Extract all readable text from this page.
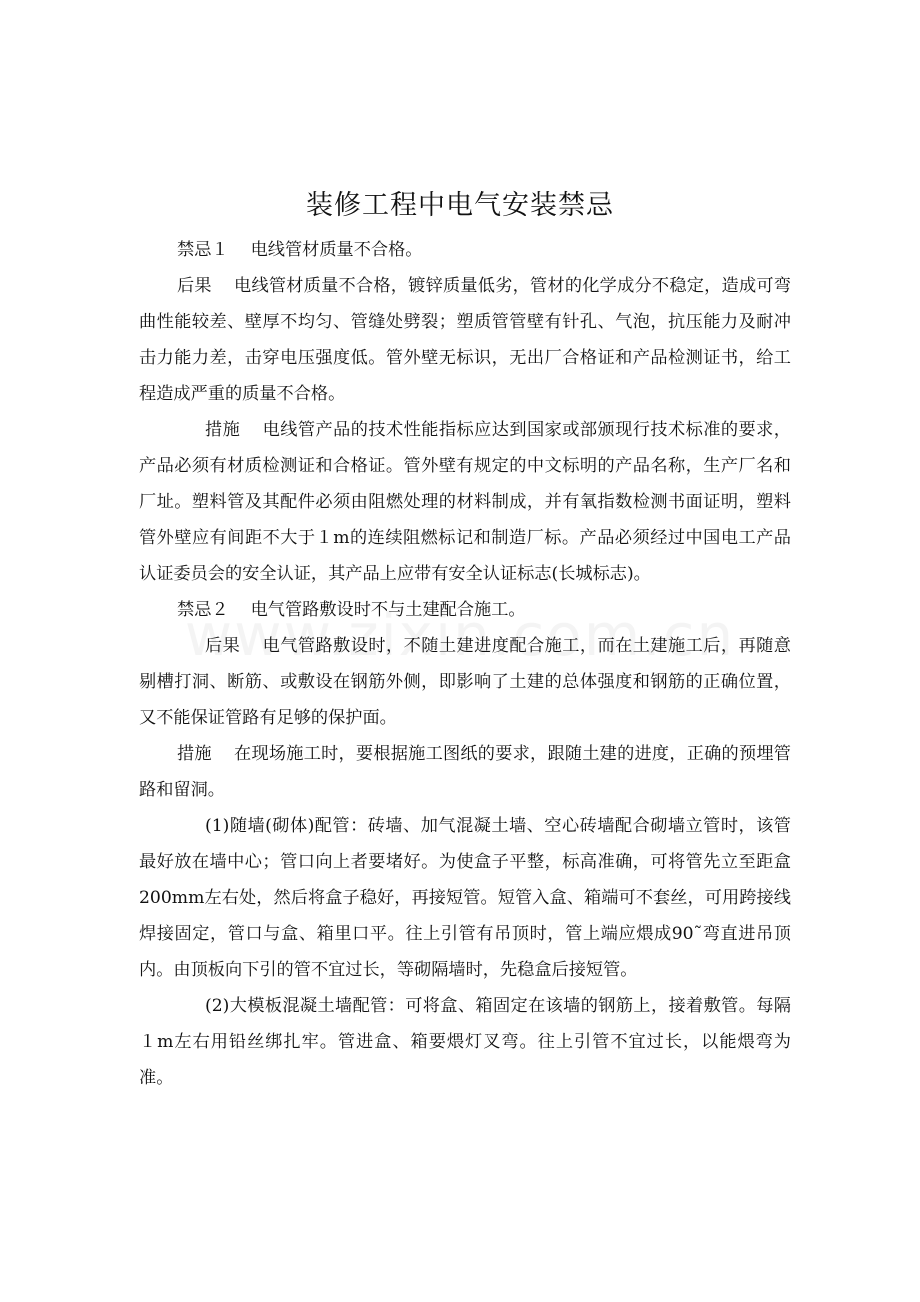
装修工程中电气安装禁忌

禁忌１ 电线管材质量不合格。

后果 电线管材质量不合格，镀锌质量低劣，管材的化学成分不稳定，造成可弯曲性能较差、壁厚不均匀、管缝处劈裂；塑质管管壁有针孔、气泡，抗压能力及耐冲击力能力差，击穿电压强度低。管外壁无标识，无出厂合格证和产品检测证书，给工程造成严重的质量不合格。

措施 电线管产品的技术性能指标应达到国家或部颁现行技术标准的要求，产品必须有材质检测证和合格证。管外壁有规定的中文标明的产品名称，生产厂名和厂址。塑料管及其配件必须由阻燃处理的材料制成，并有氧指数检测书面证明，塑料管外壁应有间距不大于１m的连续阻燃标记和制造厂标。产品必须经过中国电工产品认证委员会的安全认证，其产品上应带有安全认证标志(长城标志)。

禁忌２ 电气管路敷设时不与土建配合施工。

后果 电气管路敷设时，不随土建进度配合施工，而在土建施工后，再随意剔槽打洞、断筋、或敷设在钢筋外侧，即影响了土建的总体强度和钢筋的正确位置，又不能保证管路有足够的保护面。

措施 在现场施工时，要根据施工图纸的要求，跟随土建的进度，正确的预埋管路和留洞。

(1)随墙(砌体)配管：砖墙、加气混凝土墙、空心砖墙配合砌墙立管时，该管最好放在墙中心；管口向上者要堵好。为使盒子平整，标高准确，可将管先立至距盒200mm左右处，然后将盒子稳好，再接短管。短管入盒、箱端可不套丝，可用跨接线焊接固定，管口与盒、箱里口平。往上引管有吊顶时，管上端应煨成90˜弯直进吊顶内。由顶板向下引的管不宜过长，等砌隔墙时，先稳盒后接短管。

(2)大模板混凝土墙配管：可将盒、箱固定在该墙的钢筋上，接着敷管。每隔１m左右用铅丝绑扎牢。管进盒、箱要煨灯叉弯。往上引管不宜过长，以能煨弯为准。
